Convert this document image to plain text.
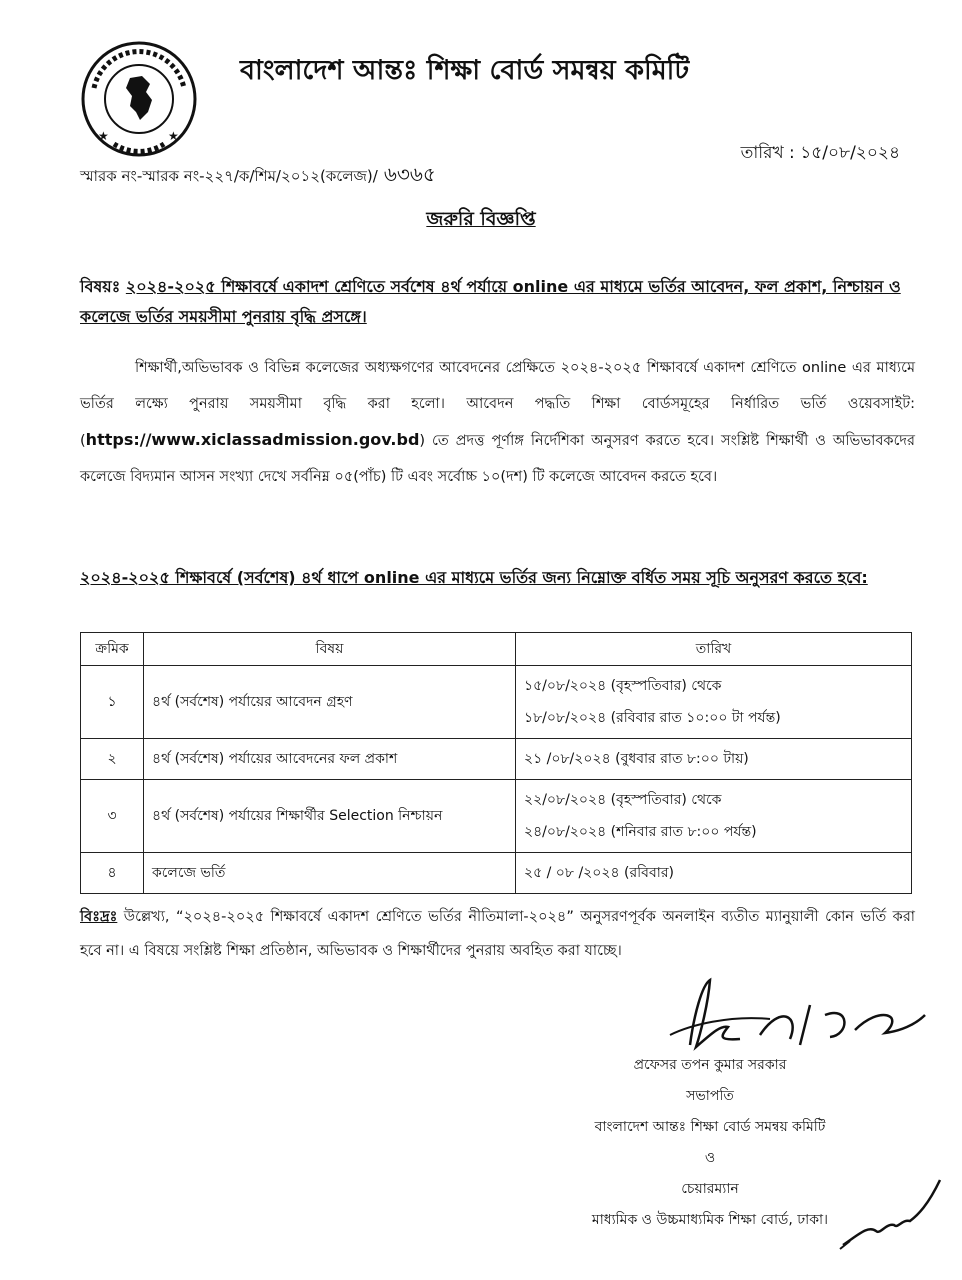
★	★
বাংলাদেশ আন্তঃ শিক্ষা বোর্ড সমন্বয় কমিটি
তারিখ : ১৫/০৮/২০২৪
স্মারক নং-স্মারক নং-২২৭/ক/শিম/২০১২(কলেজ)/ ৬৩৬৫
জরুরি বিজ্ঞপ্তি
বিষয়ঃ ২০২৪-২০২৫ শিক্ষাবর্ষে একাদশ শ্রেণিতে সর্বশেষ ৪র্থ পর্যায়ে online এর মাধ্যমে ভর্তির আবেদন, ফল প্রকাশ, নিশ্চায়ন ও কলেজে ভর্তির সময়সীমা পুনরায় বৃদ্ধি প্রসঙ্গে।
শিক্ষার্থী,অভিভাবক ও বিভিন্ন কলেজের অধ্যক্ষগণের আবেদনের প্রেক্ষিতে ২০২৪-২০২৫ শিক্ষাবর্ষে একাদশ শ্রেণিতে online এর মাধ্যমে ভর্তির লক্ষ্যে পুনরায় সময়সীমা বৃদ্ধি করা হলো। আবেদন পদ্ধতি শিক্ষা বোর্ডসমূহের নির্ধারিত ভর্তি ওয়েবসাইট:(https://www.xiclassadmission.gov.bd) তে প্রদত্ত পূর্ণাঙ্গ নির্দেশিকা অনুসরণ করতে হবে। সংশ্লিষ্ট শিক্ষার্থী ও অভিভাবকদের কলেজে বিদ্যমান আসন সংখ্যা দেখে সর্বনিম্ন ০৫(পাঁচ) টি এবং সর্বোচ্চ ১০(দশ) টি কলেজে আবেদন করতে হবে।
২০২৪-২০২৫ শিক্ষাবর্ষে (সর্বশেষ) ৪র্থ ধাপে online এর মাধ্যমে ভর্তির জন্য নিম্নোক্ত বর্ধিত সময় সূচি অনুসরণ করতে হবে:
ক্রমিক	বিষয়	তারিখ
১	৪র্থ (সর্বশেষ) পর্যায়ের আবেদন গ্রহণ	১৫/০৮/২০২৪ (বৃহস্পতিবার) থেকে
১৮/০৮/২০২৪ (রবিবার রাত ১০:০০ টা পর্যন্ত)

২	৪র্থ (সর্বশেষ) পর্যায়ের আবেদনের ফল প্রকাশ	২১ /০৮/২০২৪ (বুধবার রাত ৮:০০ টায়)

৩	৪র্থ (সর্বশেষ) পর্যায়ের শিক্ষার্থীর Selection নিশ্চায়ন	২২/০৮/২০২৪ (বৃহস্পতিবার) থেকে
২৪/০৮/২০২৪ (শনিবার রাত ৮:০০ পর্যন্ত)

৪	কলেজে ভর্তি	২৫ / ০৮ /২০২৪ (রবিবার)
বিঃদ্রঃ উল্লেখ্য, “২০২৪-২০২৫ শিক্ষাবর্ষে একাদশ শ্রেণিতে ভর্তির নীতিমালা-২০২৪” অনুসরণপূর্বক অনলাইন ব্যতীত ম্যানুয়ালী কোন ভর্তি করা হবে না। এ বিষয়ে সংশ্লিষ্ট শিক্ষা প্রতিষ্ঠান, অভিভাবক ও শিক্ষার্থীদের পুনরায় অবহিত করা যাচ্ছে।
প্রফেসর তপন কুমার সরকার
সভাপতি
বাংলাদেশ আন্তঃ শিক্ষা বোর্ড সমন্বয় কমিটি
ও
চেয়ারম্যান
মাধ্যমিক ও উচ্চমাধ্যমিক শিক্ষা বোর্ড, ঢাকা।
